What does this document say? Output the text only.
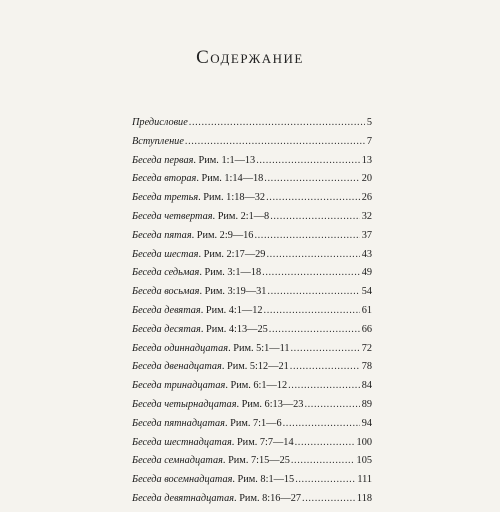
Содержание
Предисловие .....	5
Вступление .....	7
Беседа первая. Рим. 1:1—13 .....	13
Беседа вторая. Рим. 1:14—18 .....	20
Беседа третья. Рим. 1:18—32 .....	26
Беседа четвертая. Рим. 2:1—8 .....	32
Беседа пятая. Рим. 2:9—16 .....	37
Беседа шестая. Рим. 2:17—29 .....	43
Беседа седьмая. Рим. 3:1—18 .....	49
Беседа восьмая. Рим. 3:19—31 .....	54
Беседа девятая. Рим. 4:1—12 .....	61
Беседа десятая. Рим. 4:13—25 .....	66
Беседа одиннадцатая. Рим. 5:1—11 .....	72
Беседа двенадцатая. Рим. 5:12—21 .....	78
Беседа тринадцатая. Рим. 6:1—12 .....	84
Беседа четырнадцатая. Рим. 6:13—23 .....	89
Беседа пятнадцатая. Рим. 7:1—6 .....	94
Беседа шестнадцатая. Рим. 7:7—14 .....	100
Беседа семнадцатая. Рим. 7:15—25 .....	105
Беседа восемнадцатая. Рим. 8:1—15 .....	111
Беседа девятнадцатая. Рим. 8:16—27 .....	118
